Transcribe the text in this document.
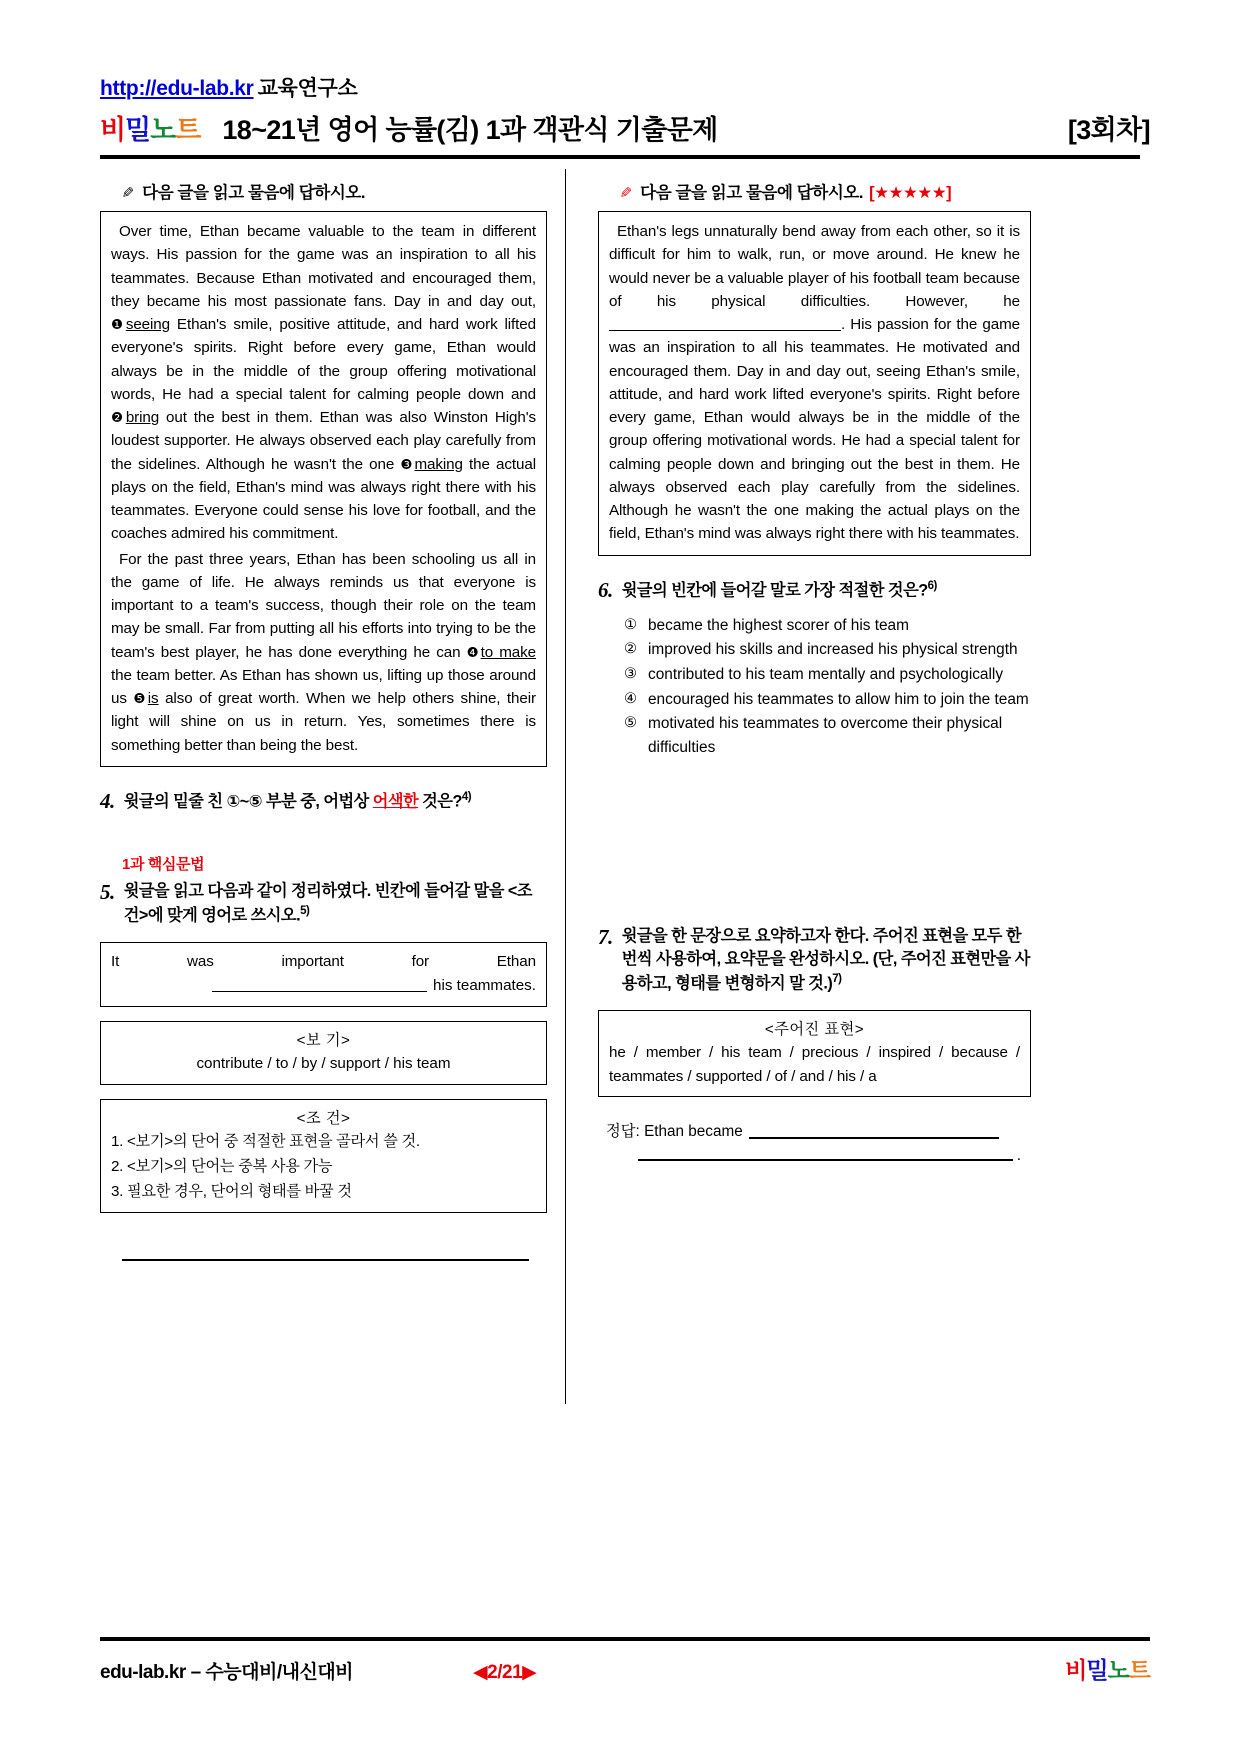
http://edu-lab.kr 교육연구소
비밀노트 18~21년 영어 능률(김) 1과 객관식 기출문제	[3회차]
✎ 다음 글을 읽고 물음에 답하시오.

Over time, Ethan became valuable to the team in different ways. His passion for the game was an inspiration to all his teammates. Because Ethan motivated and encouraged them, they became his most passionate fans. Day in and day out, ❶seeing Ethan's smile, positive attitude, and hard work lifted everyone's spirits. Right before every game, Ethan would always be in the middle of the group offering motivational words, He had a special talent for calming people down and ❷bring out the best in them. Ethan was also Winston High's loudest supporter. He always observed each play carefully from the sidelines. Although he wasn't the one ❸making the actual plays on the field, Ethan's mind was always right there with his teammates. Everyone could sense his love for football, and the coaches admired his commitment.

For the past three years, Ethan has been schooling us all in the game of life. He always reminds us that everyone is important to a team's success, though their role on the team may be small. Far from putting all his efforts into trying to be the team's best player, he has done everything he can ❹to make the team better. As Ethan has shown us, lifting up those around us ❺is also of great worth. When we help others shine, their light will shine on us in return. Yes, sometimes there is something better than being the best.

4. 윗글의 밑줄 친 ①~⑤ 부분 중, 어법상 어색한 것은?$^{4)}$
1과 핵심문법
5. 윗글을 읽고 다음과 같이 정리하였다. 빈칸에 들어갈 말을 <조건>에 맞게 영어로 쓰시오.$^{5)}$
It	was	important	for	Ethan
his teammates.
<보 기>
contribute / to / by / support / his team
<조 건>
1. <보기>의 단어 중 적절한 표현을 골라서 쓸 것.
2. <보기>의 단어는 중복 사용 가능
3. 필요한 경우, 단어의 형태를 바꿀 것
✎ 다음 글을 읽고 물음에 답하시오. [★★★★★]

Ethan's legs unnaturally bend away from each other, so it is difficult for him to walk, run, or move around. He knew he would never be a valuable player of his football team because of his physical difficulties. However, he . His passion for the game was an inspiration to all his teammates. He motivated and encouraged them. Day in and day out, seeing Ethan's smile, attitude, and hard work lifted everyone's spirits. Right before every game, Ethan would always be in the middle of the group offering motivational words. He had a special talent for calming people down and bringing out the best in them. He always observed each play carefully from the sidelines. Although he wasn't the one making the actual plays on the field, Ethan's mind was always right there with his teammates.

6. 윗글의 빈칸에 들어갈 말로 가장 적절한 것은?$^{6)}$
① became the highest scorer of his team
② improved his skills and increased his physical strength
③ contributed to his team mentally and psychologically
④ encouraged his teammates to allow him to join the team
⑤ motivated his teammates to overcome their physical difficulties
7. 윗글을 한 문장으로 요약하고자 한다. 주어진 표현을 모두 한 번씩 사용하여, 요약문을 완성하시오. (단, 주어진 표현만을 사용하고, 형태를 변형하지 말 것.)$^{7)}$
<주어진 표현>
he / member / his team / precious / inspired / because / teammates / supported / of / and / his / a
정답: Ethan became
.
edu-lab.kr – 수능대비/내신대비	◀2/21▶	비밀노트
